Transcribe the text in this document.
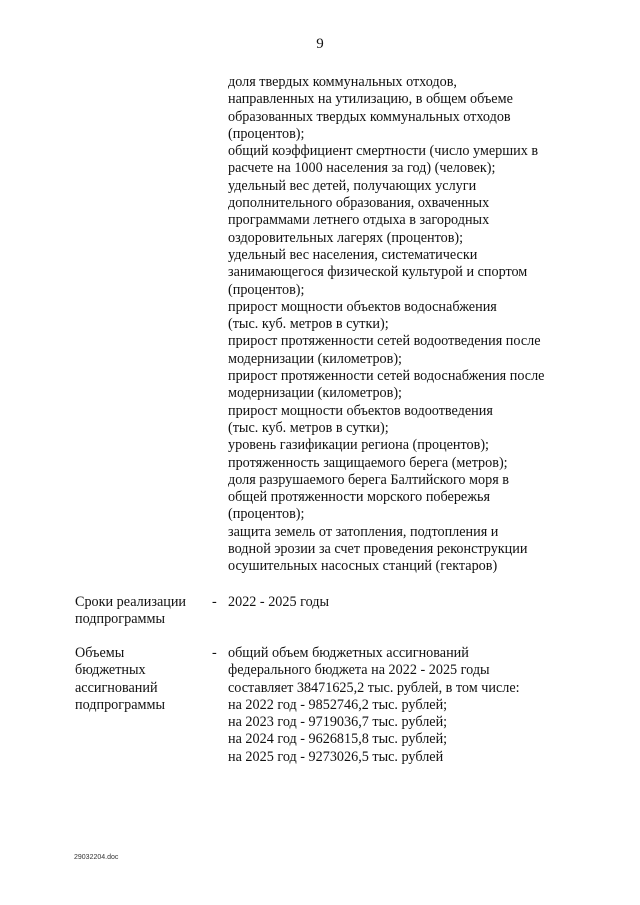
9
доля твердых коммунальных отходов,
направленных на утилизацию, в общем объеме
образованных твердых коммунальных отходов
(процентов);
общий коэффициент смертности (число умерших в
расчете на 1000 населения за год) (человек);
удельный вес детей, получающих услуги
дополнительного образования, охваченных
программами летнего отдыха в загородных
оздоровительных лагерях (процентов);
удельный вес населения, систематически
занимающегося физической культурой и спортом
(процентов);
прирост мощности объектов водоснабжения
(тыс. куб. метров в сутки);
прирост протяженности сетей водоотведения после
модернизации (километров);
прирост протяженности сетей водоснабжения после
модернизации (километров);
прирост мощности объектов водоотведения
(тыс. куб. метров в сутки);
уровень газификации региона (процентов);
протяженность защищаемого берега (метров);
доля разрушаемого берега Балтийского моря в
общей протяженности морского побережья
(процентов);
защита земель от затопления, подтопления и
водной эрозии за счет проведения реконструкции
осушительных насосных станций (гектаров)
Сроки реализации
подпрограммы
- 2022 - 2025 годы
Объемы
бюджетных
ассигнований
подпрограммы
- общий объем бюджетных ассигнований
федерального бюджета на 2022 - 2025 годы
составляет 38471625,2 тыс. рублей, в том числе:
на 2022 год - 9852746,2 тыс. рублей;
на 2023 год - 9719036,7 тыс. рублей;
на 2024 год - 9626815,8 тыс. рублей;
на 2025 год - 9273026,5 тыс. рублей
29032204.doc
